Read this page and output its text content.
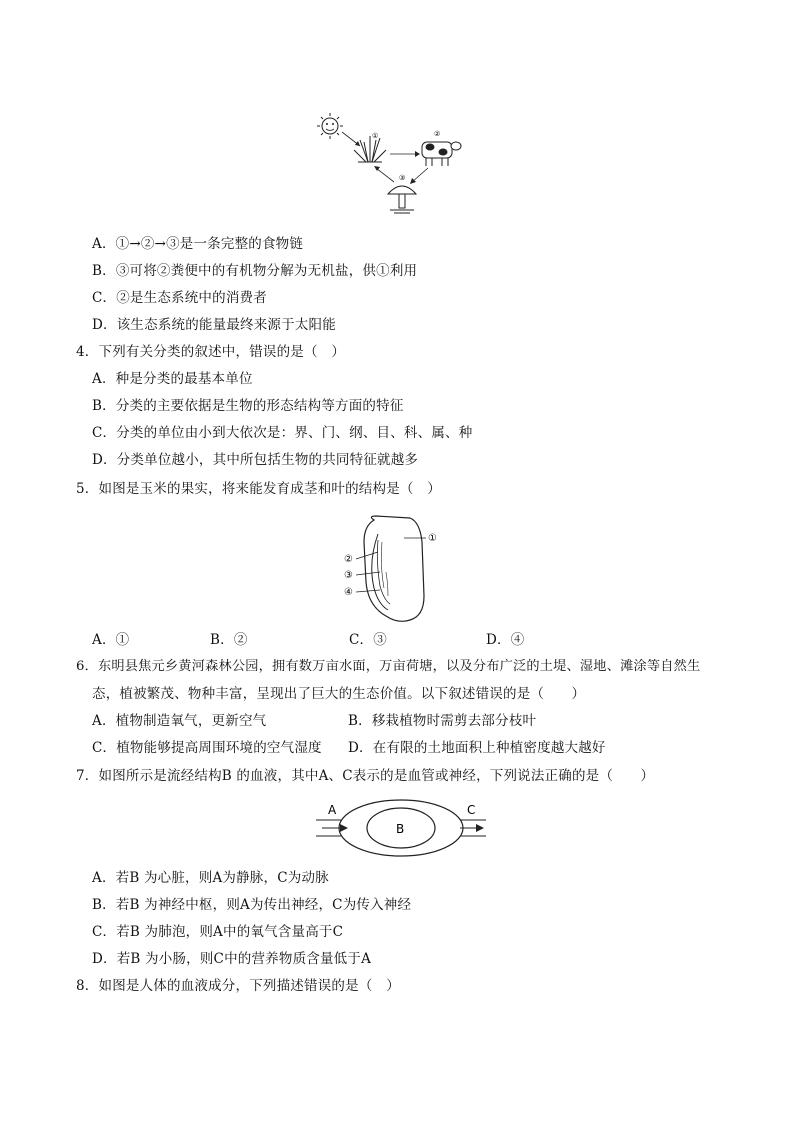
①	②
③
A．①→②→③是一条完整的食物链
B．③可将②粪便中的有机物分解为无机盐，供①利用
C．②是生态系统中的消费者
D．该生态系统的能量最终来源于太阳能
4．下列有关分类的叙述中，错误的是（　）
A．种是分类的最基本单位
B．分类的主要依据是生物的形态结构等方面的特征
C．分类的单位由小到大依次是：界、门、纲、目、科、属、种
D．分类单位越小，其中所包括生物的共同特征就越多
5．如图是玉米的果实，将来能发育成茎和叶的结构是（　）
①
②
③
④
A．①	B．②	C．③	D．④
6．东明县焦元乡黄河森林公园，拥有数万亩水面，万亩荷塘，以及分布广泛的土堤、湿地、滩涂等自然生
态，植被繁茂、物种丰富，呈现出了巨大的生态价值。以下叙述错误的是（　　）
A．植物制造氧气，更新空气	B．移栽植物时需剪去部分枝叶
C．植物能够提高周围环境的空气湿度 D．在有限的土地面积上种植密度越大越好
7．如图所示是流经结构B 的血液，其中A、C表示的是血管或神经，下列说法正确的是（　　）
A
B
C
A．若B 为心脏，则A为静脉，C为动脉
B．若B 为神经中枢，则A为传出神经，C为传入神经
C．若B 为肺泡，则A中的氧气含量高于C
D．若B 为小肠，则C中的营养物质含量低于A
8．如图是人体的血液成分，下列描述错误的是（　）
